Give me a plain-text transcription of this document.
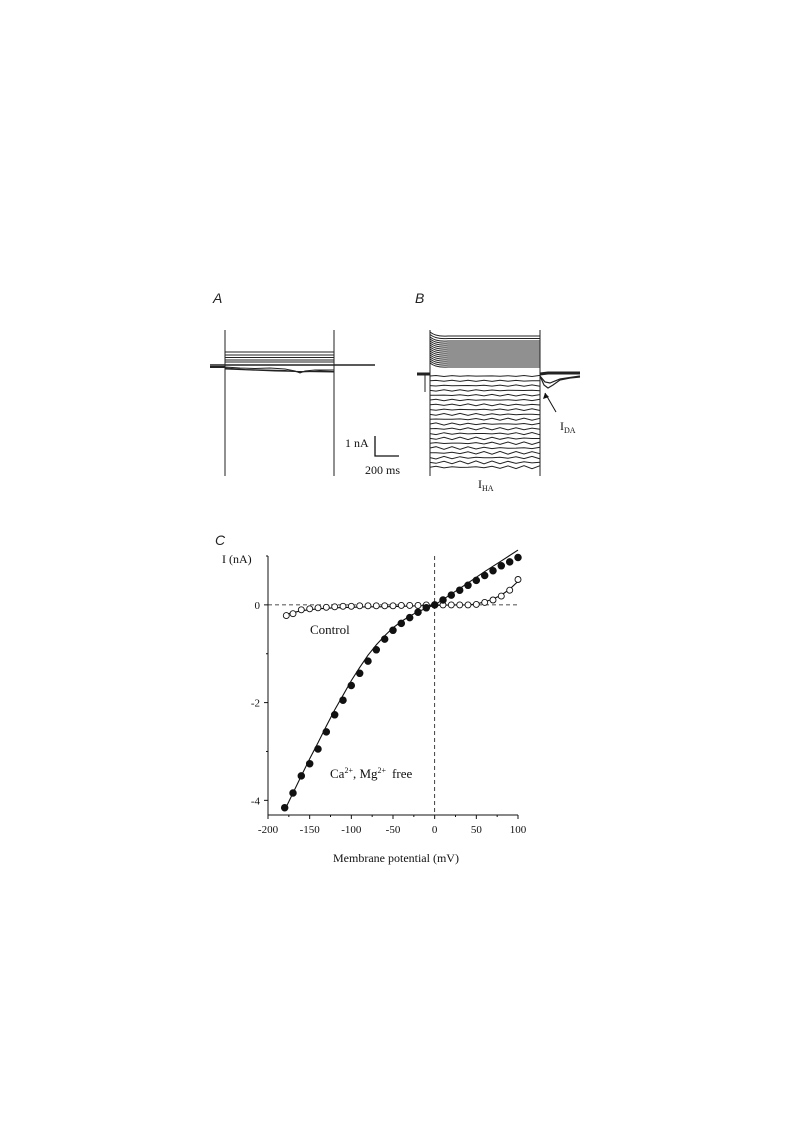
A
1 nA
200 ms
B
$I_{DA}$
$I_{HA}$
C
I (nA)
Membrane potential (mV)
-200 -150 -100 -50	0	50	100
-4
-2
0
Control
$Ca^{2+}$, $Mg^{2+}$ free
